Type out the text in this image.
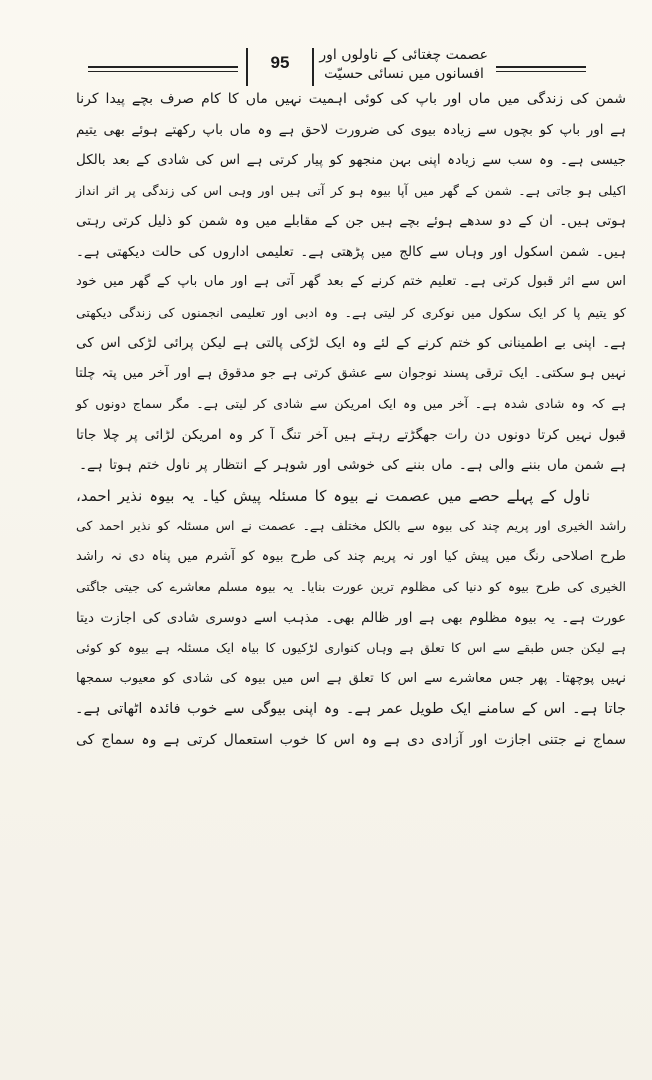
95	عصمت چغتائی کے ناولوں اور
افسانوں میں نسائی حسیّت

شمن کی زندگی میں ماں اور باپ کی کوئی اہمیت نہیں ماں کا کام صرف بچے پیدا کرنا
ہے اور باپ کو بچوں سے زیادہ بیوی کی ضرورت لاحق ہے وہ ماں باپ رکھتے ہوئے بھی یتیم
جیسی ہے۔ وہ سب سے زیادہ اپنی بہن منجھو کو پیار کرتی ہے اس کی شادی کے بعد بالکل
اکیلی ہو جاتی ہے۔ شمن کے گھر میں آپا بیوہ ہو کر آتی ہیں اور وہی اس کی زندگی پر اثر انداز
ہوتی ہیں۔ ان کے دو سدھے ہوئے بچے ہیں جن کے مقابلے میں وہ شمن کو ذلیل کرتی رہتی
ہیں۔ شمن اسکول اور وہاں سے کالج میں پڑھتی ہے۔ تعلیمی اداروں کی حالت دیکھتی ہے۔
اس سے اثر قبول کرتی ہے۔ تعلیم ختم کرنے کے بعد گھر آتی ہے اور ماں باپ کے گھر میں خود
کو یتیم پا کر ایک سکول میں نوکری کر لیتی ہے۔ وہ ادبی اور تعلیمی انجمنوں کی زندگی دیکھتی
ہے۔ اپنی بے اطمینانی کو ختم کرنے کے لئے وہ ایک لڑکی پالتی ہے لیکن پرائی لڑکی اس کی
نہیں ہو سکتی۔ ایک ترقی پسند نوجوان سے عشق کرتی ہے جو مدقوق ہے اور آخر میں پتہ چلتا
ہے کہ وہ شادی شدہ ہے۔ آخر میں وہ ایک امریکن سے شادی کر لیتی ہے۔ مگر سماج دونوں کو
قبول نہیں کرتا دونوں دن رات جھگڑتے رہتے ہیں آخر تنگ آ کر وہ امریکن لڑائی پر چلا جاتا
ہے شمن ماں بننے والی ہے۔ ماں بننے کی خوشی اور شوہر کے انتظار پر ناول ختم ہوتا ہے۔

ناول کے پہلے حصے میں عصمت نے بیوہ کا مسئلہ پیش کیا۔ یہ بیوہ نذیر احمد،
راشد الخیری اور پریم چند کی بیوہ سے بالکل مختلف ہے۔ عصمت نے اس مسئلہ کو نذیر احمد کی
طرح اصلاحی رنگ میں پیش کیا اور نہ پریم چند کی طرح بیوہ کو آشرم میں پناہ دی نہ راشد
الخیری کی طرح بیوہ کو دنیا کی مظلوم ترین عورت بنایا۔ یہ بیوہ مسلم معاشرے کی جیتی جاگتی
عورت ہے۔ یہ بیوہ مظلوم بھی ہے اور ظالم بھی۔ مذہب اسے دوسری شادی کی اجازت دیتا
ہے لیکن جس طبقے سے اس کا تعلق ہے وہاں کنواری لڑکیوں کا بیاہ ایک مسئلہ ہے بیوہ کو کوئی
نہیں پوچھتا۔ پھر جس معاشرے سے اس کا تعلق ہے اس میں بیوہ کی شادی کو معیوب سمجھا
جاتا ہے۔ اس کے سامنے ایک طویل عمر ہے۔ وہ اپنی بیوگی سے خوب فائدہ اٹھاتی ہے۔
سماج نے جتنی اجازت اور آزادی دی ہے وہ اس کا خوب استعمال کرتی ہے وہ سماج کی
